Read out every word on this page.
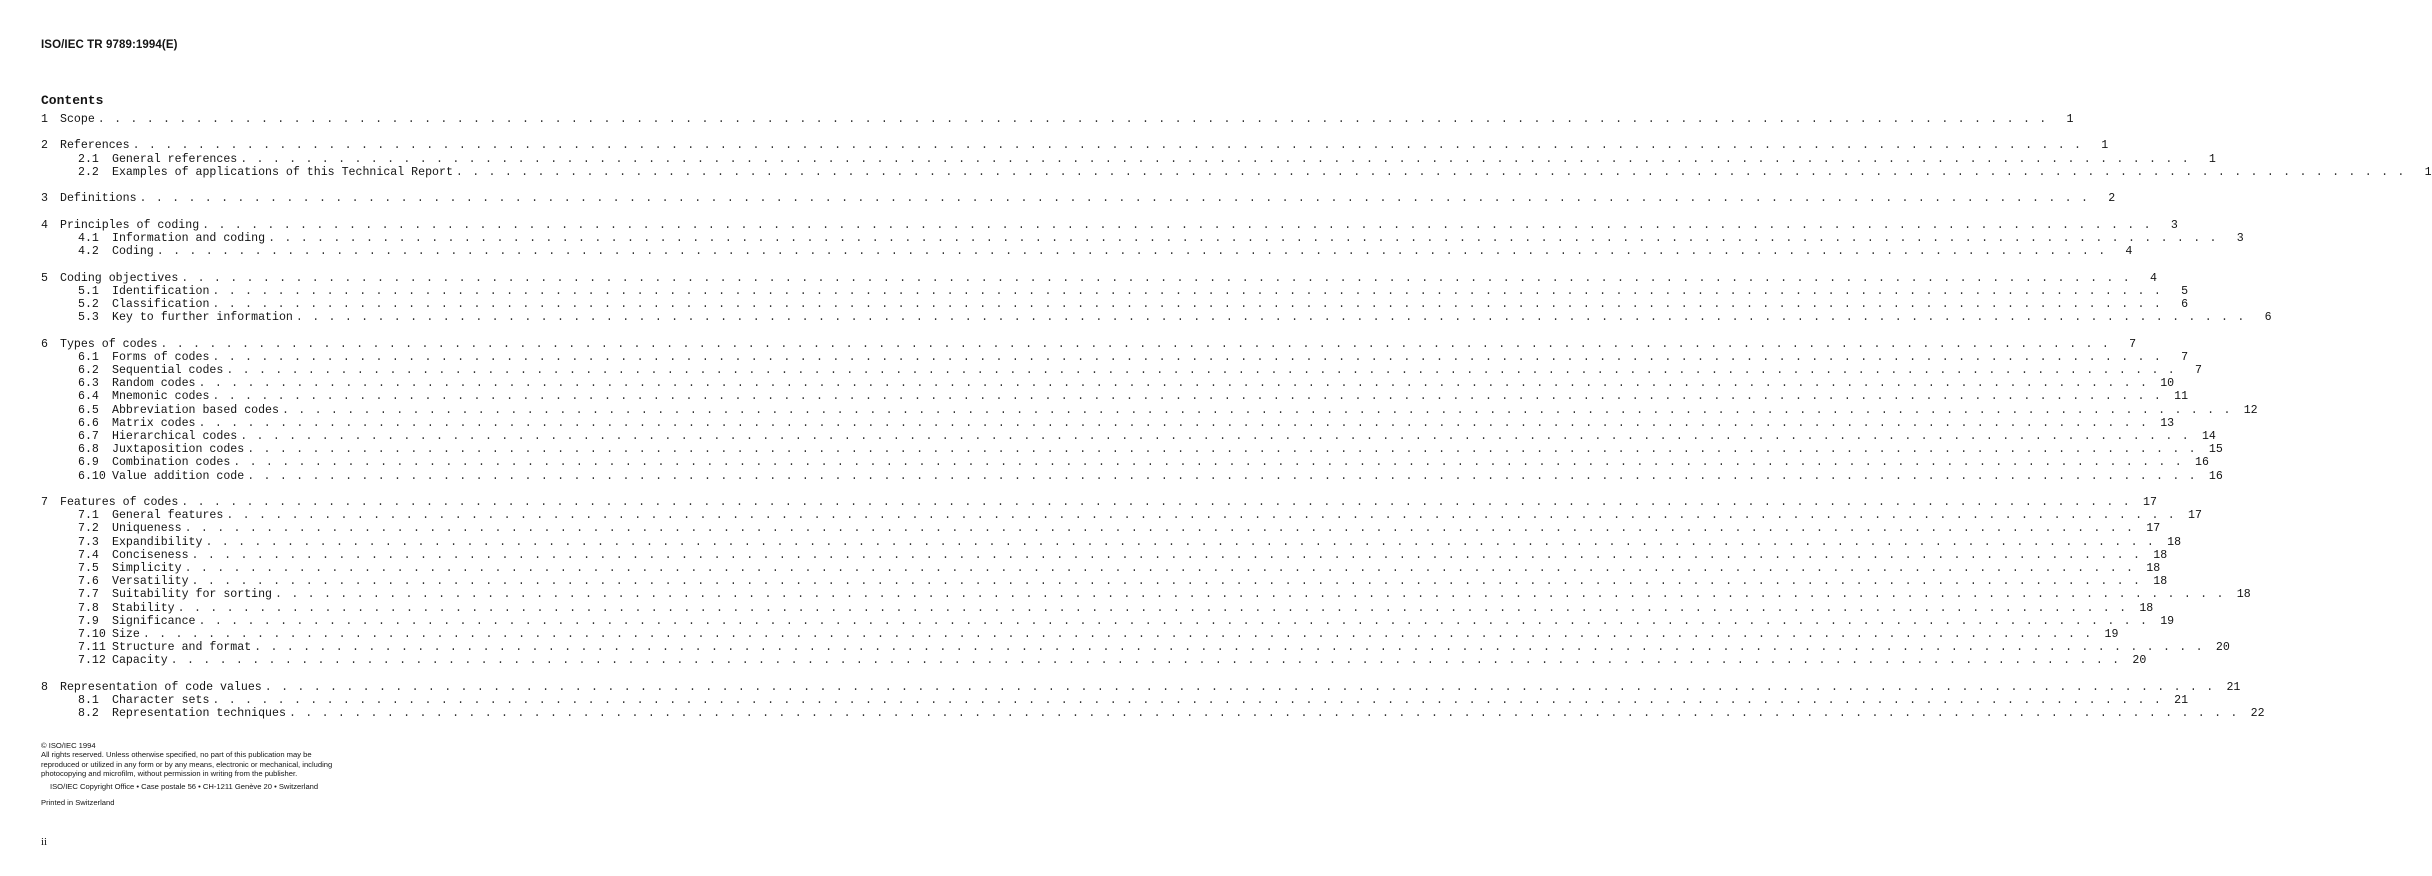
ISO/IEC TR 9789:1994(E)
Contents
1	Scope . . . . . . . . . . . . . . . . . . . . . . . . . . . . . . . . . . . . . . . . . . . . . . . . . . . . . . . . . . . . . . . . . . . . . . . . . . . . . . . . . . . . . . . . . . . . . . . . . . . . . . . . . . . . . . . . . . . . . . . .	1
2	References . . . . . . . . . . . . . . . . . . . . . . . . . . . . . . . . . . . . . . . . . . . . . . . . . . . . . . . . . . . . . . . . . . . . . . . . . . . . . . . . . . . . . . . . . . . . . . . . . . . . . . . . . . . . . . . . . . . . . . . .	1
2.1	General references . . . . . . . . . . . . . . . . . . . . . . . . . . . . . . . . . . . . . . . . . . . . . . . . . . . . . . . . . . . . . . . . . . . . . . . . . . . . . . . . . . . . . . . . . . . . . . . . . . . . . . . . . . . . . . . . . . . . . . . .	1
2.2	Examples of applications of this Technical Report . . . . . . . . . . . . . . . . . . . . . . . . . . . . . . . . . . . . . . . . . . . . . . . . . . . . . . . . . . . . . . . . . . . . . . . . . . . . . . . . . . . . . . . . . . . . . . . . . . . . . . . . . . . . . . . . . . . . . . . .	1
3	Definitions . . . . . . . . . . . . . . . . . . . . . . . . . . . . . . . . . . . . . . . . . . . . . . . . . . . . . . . . . . . . . . . . . . . . . . . . . . . . . . . . . . . . . . . . . . . . . . . . . . . . . . . . . . . . . . . . . . . . . . . .	2
4	Principles of coding . . . . . . . . . . . . . . . . . . . . . . . . . . . . . . . . . . . . . . . . . . . . . . . . . . . . . . . . . . . . . . . . . . . . . . . . . . . . . . . . . . . . . . . . . . . . . . . . . . . . . . . . . . . . . . . . . . . . . . . .	3
4.1	Information and coding . . . . . . . . . . . . . . . . . . . . . . . . . . . . . . . . . . . . . . . . . . . . . . . . . . . . . . . . . . . . . . . . . . . . . . . . . . . . . . . . . . . . . . . . . . . . . . . . . . . . . . . . . . . . . . . . . . . . . . . .	3
4.2	Coding . . . . . . . . . . . . . . . . . . . . . . . . . . . . . . . . . . . . . . . . . . . . . . . . . . . . . . . . . . . . . . . . . . . . . . . . . . . . . . . . . . . . . . . . . . . . . . . . . . . . . . . . . . . . . . . . . . . . . . . .	4
5	Coding objectives . . . . . . . . . . . . . . . . . . . . . . . . . . . . . . . . . . . . . . . . . . . . . . . . . . . . . . . . . . . . . . . . . . . . . . . . . . . . . . . . . . . . . . . . . . . . . . . . . . . . . . . . . . . . . . . . . . . . . . . .	4
5.1	Identification . . . . . . . . . . . . . . . . . . . . . . . . . . . . . . . . . . . . . . . . . . . . . . . . . . . . . . . . . . . . . . . . . . . . . . . . . . . . . . . . . . . . . . . . . . . . . . . . . . . . . . . . . . . . . . . . . . . . . . . .	5
5.2	Classification . . . . . . . . . . . . . . . . . . . . . . . . . . . . . . . . . . . . . . . . . . . . . . . . . . . . . . . . . . . . . . . . . . . . . . . . . . . . . . . . . . . . . . . . . . . . . . . . . . . . . . . . . . . . . . . . . . . . . . . .	6
5.3	Key to further information . . . . . . . . . . . . . . . . . . . . . . . . . . . . . . . . . . . . . . . . . . . . . . . . . . . . . . . . . . . . . . . . . . . . . . . . . . . . . . . . . . . . . . . . . . . . . . . . . . . . . . . . . . . . . . . . . . . . . . . .	6
6	Types of codes . . . . . . . . . . . . . . . . . . . . . . . . . . . . . . . . . . . . . . . . . . . . . . . . . . . . . . . . . . . . . . . . . . . . . . . . . . . . . . . . . . . . . . . . . . . . . . . . . . . . . . . . . . . . . . . . . . . . . . . .	7
6.1	Forms of codes . . . . . . . . . . . . . . . . . . . . . . . . . . . . . . . . . . . . . . . . . . . . . . . . . . . . . . . . . . . . . . . . . . . . . . . . . . . . . . . . . . . . . . . . . . . . . . . . . . . . . . . . . . . . . . . . . . . . . . . .	7
6.2	Sequential codes . . . . . . . . . . . . . . . . . . . . . . . . . . . . . . . . . . . . . . . . . . . . . . . . . . . . . . . . . . . . . . . . . . . . . . . . . . . . . . . . . . . . . . . . . . . . . . . . . . . . . . . . . . . . . . . . . . . . . . . .	7
6.3	Random codes . . . . . . . . . . . . . . . . . . . . . . . . . . . . . . . . . . . . . . . . . . . . . . . . . . . . . . . . . . . . . . . . . . . . . . . . . . . . . . . . . . . . . . . . . . . . . . . . . . . . . . . . . . . . . . . . . . . . . . . .	10
6.4	Mnemonic codes . . . . . . . . . . . . . . . . . . . . . . . . . . . . . . . . . . . . . . . . . . . . . . . . . . . . . . . . . . . . . . . . . . . . . . . . . . . . . . . . . . . . . . . . . . . . . . . . . . . . . . . . . . . . . . . . . . . . . . . .	11
6.5	Abbreviation based codes . . . . . . . . . . . . . . . . . . . . . . . . . . . . . . . . . . . . . . . . . . . . . . . . . . . . . . . . . . . . . . . . . . . . . . . . . . . . . . . . . . . . . . . . . . . . . . . . . . . . . . . . . . . . . . . . . . . . . . . .	12
6.6	Matrix codes . . . . . . . . . . . . . . . . . . . . . . . . . . . . . . . . . . . . . . . . . . . . . . . . . . . . . . . . . . . . . . . . . . . . . . . . . . . . . . . . . . . . . . . . . . . . . . . . . . . . . . . . . . . . . . . . . . . . . . . .	13
6.7	Hierarchical codes . . . . . . . . . . . . . . . . . . . . . . . . . . . . . . . . . . . . . . . . . . . . . . . . . . . . . . . . . . . . . . . . . . . . . . . . . . . . . . . . . . . . . . . . . . . . . . . . . . . . . . . . . . . . . . . . . . . . . . . .	14
6.8	Juxtaposition codes . . . . . . . . . . . . . . . . . . . . . . . . . . . . . . . . . . . . . . . . . . . . . . . . . . . . . . . . . . . . . . . . . . . . . . . . . . . . . . . . . . . . . . . . . . . . . . . . . . . . . . . . . . . . . . . . . . . . . . . .	15
6.9	Combination codes . . . . . . . . . . . . . . . . . . . . . . . . . . . . . . . . . . . . . . . . . . . . . . . . . . . . . . . . . . . . . . . . . . . . . . . . . . . . . . . . . . . . . . . . . . . . . . . . . . . . . . . . . . . . . . . . . . . . . . . .	16
6.10 Value addition code . . . . . . . . . . . . . . . . . . . . . . . . . . . . . . . . . . . . . . . . . . . . . . . . . . . . . . . . . . . . . . . . . . . . . . . . . . . . . . . . . . . . . . . . . . . . . . . . . . . . . . . . . . . . . . . . . . . . . . . .	16
7	Features of codes . . . . . . . . . . . . . . . . . . . . . . . . . . . . . . . . . . . . . . . . . . . . . . . . . . . . . . . . . . . . . . . . . . . . . . . . . . . . . . . . . . . . . . . . . . . . . . . . . . . . . . . . . . . . . . . . . . . . . . . .	17
7.1	General features . . . . . . . . . . . . . . . . . . . . . . . . . . . . . . . . . . . . . . . . . . . . . . . . . . . . . . . . . . . . . . . . . . . . . . . . . . . . . . . . . . . . . . . . . . . . . . . . . . . . . . . . . . . . . . . . . . . . . . . .	17
7.2	Uniqueness . . . . . . . . . . . . . . . . . . . . . . . . . . . . . . . . . . . . . . . . . . . . . . . . . . . . . . . . . . . . . . . . . . . . . . . . . . . . . . . . . . . . . . . . . . . . . . . . . . . . . . . . . . . . . . . . . . . . . . . .	17
7.3	Expandibility . . . . . . . . . . . . . . . . . . . . . . . . . . . . . . . . . . . . . . . . . . . . . . . . . . . . . . . . . . . . . . . . . . . . . . . . . . . . . . . . . . . . . . . . . . . . . . . . . . . . . . . . . . . . . . . . . . . . . . . .	18
7.4	Conciseness . . . . . . . . . . . . . . . . . . . . . . . . . . . . . . . . . . . . . . . . . . . . . . . . . . . . . . . . . . . . . . . . . . . . . . . . . . . . . . . . . . . . . . . . . . . . . . . . . . . . . . . . . . . . . . . . . . . . . . . .	18
7.5	Simplicity . . . . . . . . . . . . . . . . . . . . . . . . . . . . . . . . . . . . . . . . . . . . . . . . . . . . . . . . . . . . . . . . . . . . . . . . . . . . . . . . . . . . . . . . . . . . . . . . . . . . . . . . . . . . . . . . . . . . . . . .	18
7.6	Versatility . . . . . . . . . . . . . . . . . . . . . . . . . . . . . . . . . . . . . . . . . . . . . . . . . . . . . . . . . . . . . . . . . . . . . . . . . . . . . . . . . . . . . . . . . . . . . . . . . . . . . . . . . . . . . . . . . . . . . . . .	18
7.7	Suitability for sorting . . . . . . . . . . . . . . . . . . . . . . . . . . . . . . . . . . . . . . . . . . . . . . . . . . . . . . . . . . . . . . . . . . . . . . . . . . . . . . . . . . . . . . . . . . . . . . . . . . . . . . . . . . . . . . . . . . . . . . . .	18
7.8	Stability . . . . . . . . . . . . . . . . . . . . . . . . . . . . . . . . . . . . . . . . . . . . . . . . . . . . . . . . . . . . . . . . . . . . . . . . . . . . . . . . . . . . . . . . . . . . . . . . . . . . . . . . . . . . . . . . . . . . . . . .	18
7.9	Significance . . . . . . . . . . . . . . . . . . . . . . . . . . . . . . . . . . . . . . . . . . . . . . . . . . . . . . . . . . . . . . . . . . . . . . . . . . . . . . . . . . . . . . . . . . . . . . . . . . . . . . . . . . . . . . . . . . . . . . . .	19
7.10 Size . . . . . . . . . . . . . . . . . . . . . . . . . . . . . . . . . . . . . . . . . . . . . . . . . . . . . . . . . . . . . . . . . . . . . . . . . . . . . . . . . . . . . . . . . . . . . . . . . . . . . . . . . . . . . . . . . . . . . . . .	19
7.11 Structure and format . . . . . . . . . . . . . . . . . . . . . . . . . . . . . . . . . . . . . . . . . . . . . . . . . . . . . . . . . . . . . . . . . . . . . . . . . . . . . . . . . . . . . . . . . . . . . . . . . . . . . . . . . . . . . . . . . . . . . . . .	20
7.12 Capacity . . . . . . . . . . . . . . . . . . . . . . . . . . . . . . . . . . . . . . . . . . . . . . . . . . . . . . . . . . . . . . . . . . . . . . . . . . . . . . . . . . . . . . . . . . . . . . . . . . . . . . . . . . . . . . . . . . . . . . . .	20
8	Representation of code values . . . . . . . . . . . . . . . . . . . . . . . . . . . . . . . . . . . . . . . . . . . . . . . . . . . . . . . . . . . . . . . . . . . . . . . . . . . . . . . . . . . . . . . . . . . . . . . . . . . . . . . . . . . . . . . . . . . . . . . .	21
8.1	Character sets . . . . . . . . . . . . . . . . . . . . . . . . . . . . . . . . . . . . . . . . . . . . . . . . . . . . . . . . . . . . . . . . . . . . . . . . . . . . . . . . . . . . . . . . . . . . . . . . . . . . . . . . . . . . . . . . . . . . . . . .	21
8.2	Representation techniques . . . . . . . . . . . . . . . . . . . . . . . . . . . . . . . . . . . . . . . . . . . . . . . . . . . . . . . . . . . . . . . . . . . . . . . . . . . . . . . . . . . . . . . . . . . . . . . . . . . . . . . . . . . . . . . . . . . . . . . .	22
© ISO/IEC 1994
All rights reserved. Unless otherwise specified, no part of this publication may be
reproduced or utilized in any form or by any means, electronic or mechanical, including
photocopying and microfilm, without permission in writing from the publisher.
ISO/IEC Copyright Office • Case postale 56 • CH-1211 Genève 20 • Switzerland
Printed in Switzerland
ii
